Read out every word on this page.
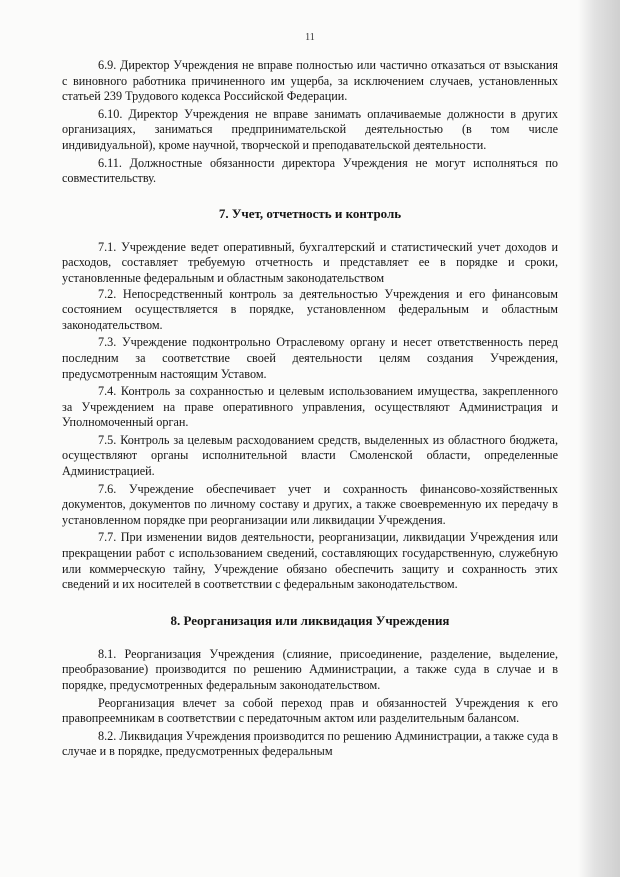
11

6.9. Директор Учреждения не вправе полностью или частично отказаться от взыскания с виновного работника причиненного им ущерба, за исключением случаев, установленных статьей 239 Трудового кодекса Российской Федерации.

6.10. Директор Учреждения не вправе занимать оплачиваемые должности в других организациях, заниматься предпринимательской деятельностью (в том числе индивидуальной), кроме научной, творческой и преподавательской деятельности.

6.11. Должностные обязанности директора Учреждения не могут исполняться по совместительству.

7. Учет, отчетность и контроль

7.1. Учреждение ведет оперативный, бухгалтерский и статистический учет доходов и расходов, составляет требуемую отчетность и представляет ее в порядке и сроки, установленные федеральным и областным законодательством

7.2. Непосредственный контроль за деятельностью Учреждения и его финансовым состоянием осуществляется в порядке, установленном федеральным и областным законодательством.

7.3. Учреждение подконтрольно Отраслевому органу и несет ответственность перед последним за соответствие своей деятельности целям создания Учреждения, предусмотренным настоящим Уставом.

7.4. Контроль за сохранностью и целевым использованием имущества, закрепленного за Учреждением на праве оперативного управления, осуществляют Администрация и Уполномоченный орган.

7.5. Контроль за целевым расходованием средств, выделенных из областного бюджета, осуществляют органы исполнительной власти Смоленской области, определенные Администрацией.

7.6. Учреждение обеспечивает учет и сохранность финансово-хозяйственных документов, документов по личному составу и других, а также своевременную их передачу в установленном порядке при реорганизации или ликвидации Учреждения.

7.7. При изменении видов деятельности, реорганизации, ликвидации Учреждения или прекращении работ с использованием сведений, составляющих государственную, служебную или коммерческую тайну, Учреждение обязано обеспечить защиту и сохранность этих сведений и их носителей в соответствии с федеральным законодательством.

8. Реорганизация или ликвидация Учреждения

8.1. Реорганизация Учреждения (слияние, присоединение, разделение, выделение, преобразование) производится по решению Администрации, а также суда в случае и в порядке, предусмотренных федеральным законодательством.

Реорганизация влечет за собой переход прав и обязанностей Учреждения к его правопреемникам в соответствии с передаточным актом или разделительным балансом.

8.2. Ликвидация Учреждения производится по решению Администрации, а также суда в случае и в порядке, предусмотренных федеральным
